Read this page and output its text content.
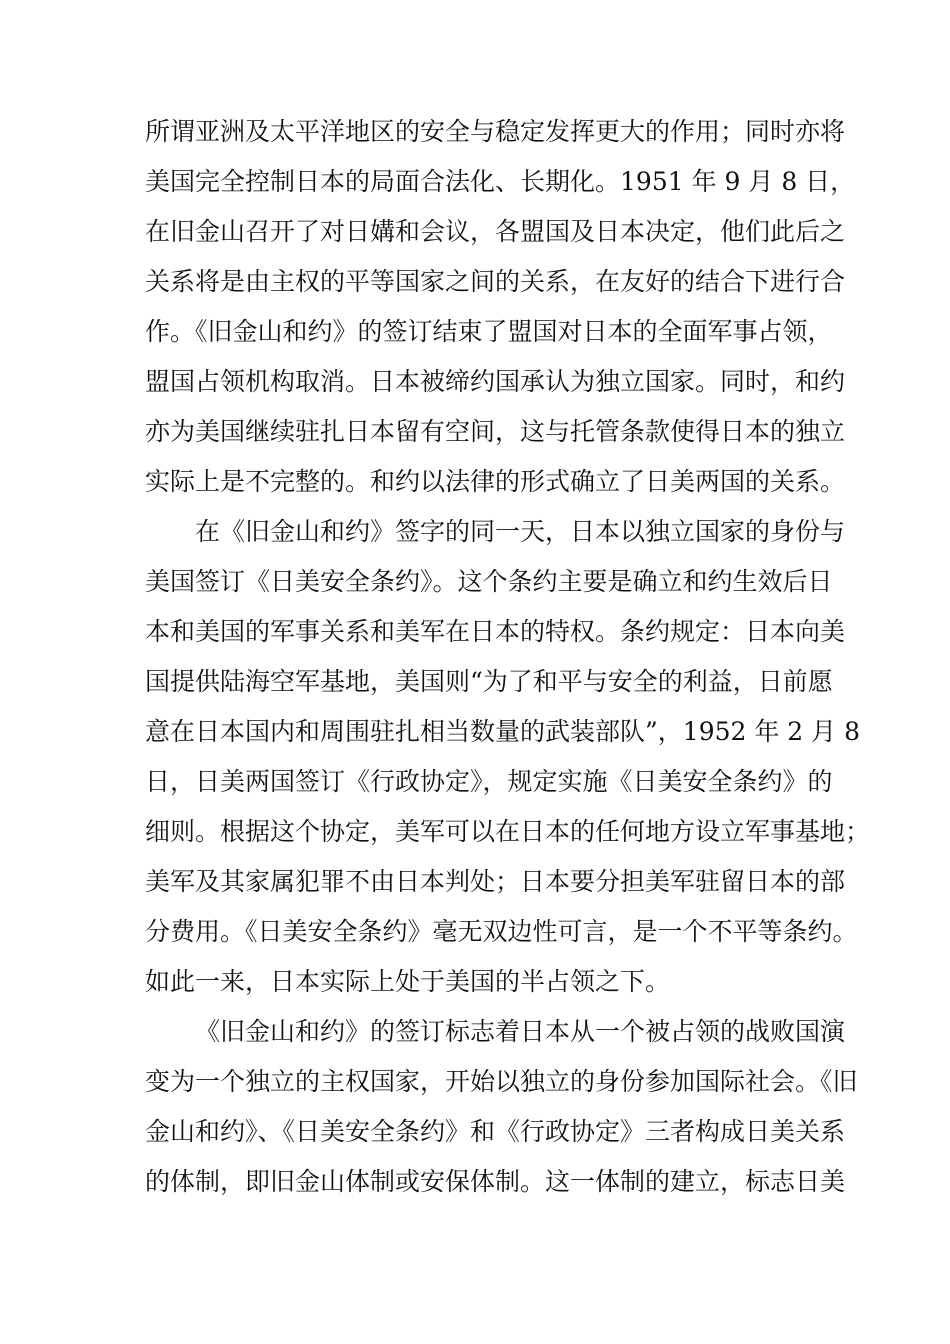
所谓亚洲及太平洋地区的安全与稳定发挥更大的作用；同时亦将
美国完全控制日本的局面合法化、长期化。1951 年 9 月 8 日，
在旧金山召开了对日媾和会议，各盟国及日本决定，他们此后之
关系将是由主权的平等国家之间的关系，在友好的结合下进行合
作。《旧金山和约》的签订结束了盟国对日本的全面军事占领，
盟国占领机构取消。日本被缔约国承认为独立国家。同时，和约
亦为美国继续驻扎日本留有空间，这与托管条款使得日本的独立
实际上是不完整的。和约以法律的形式确立了日美两国的关系。
在《旧金山和约》签字的同一天，日本以独立国家的身份与
美国签订《日美安全条约》。这个条约主要是确立和约生效后日
本和美国的军事关系和美军在日本的特权。条约规定：日本向美
国提供陆海空军基地，美国则“为了和平与安全的利益，日前愿
意在日本国内和周围驻扎相当数量的武装部队”，1952 年 2 月 8
日，日美两国签订《行政协定》，规定实施《日美安全条约》的
细则。根据这个协定，美军可以在日本的任何地方设立军事基地；
美军及其家属犯罪不由日本判处；日本要分担美军驻留日本的部
分费用。《日美安全条约》毫无双边性可言，是一个不平等条约。
如此一来，日本实际上处于美国的半占领之下。
《旧金山和约》的签订标志着日本从一个被占领的战败国演
变为一个独立的主权国家，开始以独立的身份参加国际社会。《旧
金山和约》、《日美安全条约》和《行政协定》三者构成日美关系
的体制，即旧金山体制或安保体制。这一体制的建立，标志日美
